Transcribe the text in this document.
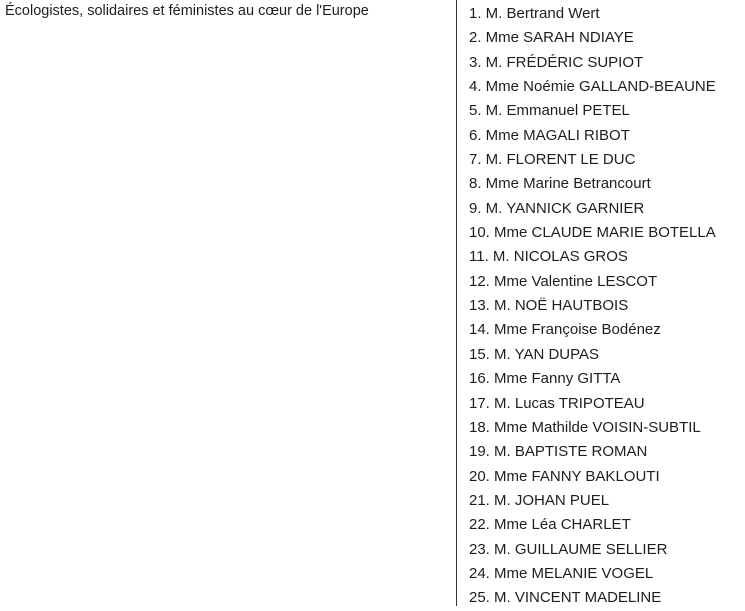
Écologistes, solidaires et féministes au cœur de l'Europe	1. M. Bertrand Wert
2. Mme SARAH NDIAYE
3. M. FRÉDÉRIC SUPIOT
4. Mme Noémie GALLAND-BEAUNE
5. M. Emmanuel PETEL
6. Mme MAGALI RIBOT
7. M. FLORENT LE DUC
8. Mme Marine Betrancourt
9. M. YANNICK GARNIER
10. Mme CLAUDE MARIE BOTELLA
11. M. NICOLAS GROS
12. Mme Valentine LESCOT
13. M. NOË HAUTBOIS
14. Mme Françoise Bodénez
15. M. YAN DUPAS
16. Mme Fanny GITTA
17. M. Lucas TRIPOTEAU
18. Mme Mathilde VOISIN-SUBTIL
19. M. BAPTISTE ROMAN
20. Mme FANNY BAKLOUTI
21. M. JOHAN PUEL
22. Mme Léa CHARLET
23. M. GUILLAUME SELLIER
24. Mme MELANIE VOGEL
25. M. VINCENT MADELINE
